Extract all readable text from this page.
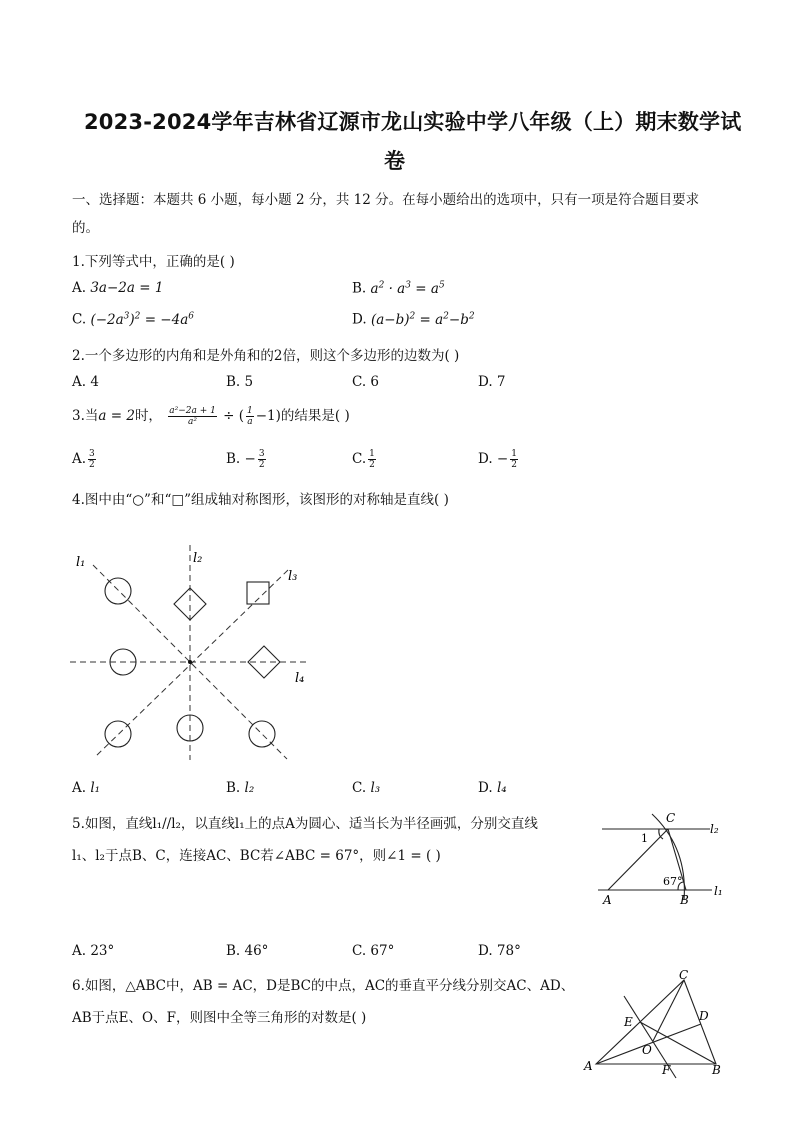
2023-2024学年吉林省辽源市龙山实验中学八年级（上）期末数学试
卷
一、选择题：本题共 6 小题，每小题 2 分，共 12 分。在每小题给出的选项中，只有一项是符合题目要求
的。
1.下列等式中，正确的是( )
A. 3a−2a = 1	B. $a^2 \cdot a^3 = a^5$
C. $(-2a^3)^2 = -4a^6$	D. $(a-b)^2 = a^2-b^2$
2.一个多边形的内角和是外角和的2倍，则这个多边形的边数为( )
A. 4	B. 5	C. 6	D. 7
3.当a = 2时， $\frac{\text{a²−2a + 1}}{\text{a²}}$ ÷ ( $\frac{1}{a} -1$)的结果是( )
A. $\frac{3}{2}$	B. − $\frac{3}{2}$	C. $\frac{1}{2}$	D. − $\frac{1}{2}$
4.图中由“○”和“□”组成轴对称图形，该图形的对称轴是直线( )
l₁	l₂
l₃
l₄
A. l₁	B. l₂	C. l₃	D. l₄
5.如图，直线l₁//l₂，以直线l₁上的点A为圆心、适当长为半径画弧，分别交直线
l₁、l₂于点B、C，连接AC、BC若∠ABC = 67°，则∠1 = ( )
C
l₂
l₁
A	B
1
67°
A. 23°	B. 46°	C. 67°	D. 78°
6.如图，△ABC中，AB = AC，D是BC的中点，AC的垂直平分线分别交AC、AD、
AB于点E、O、F，则图中全等三角形的对数是( )
C
D
E
O
A	F	B
